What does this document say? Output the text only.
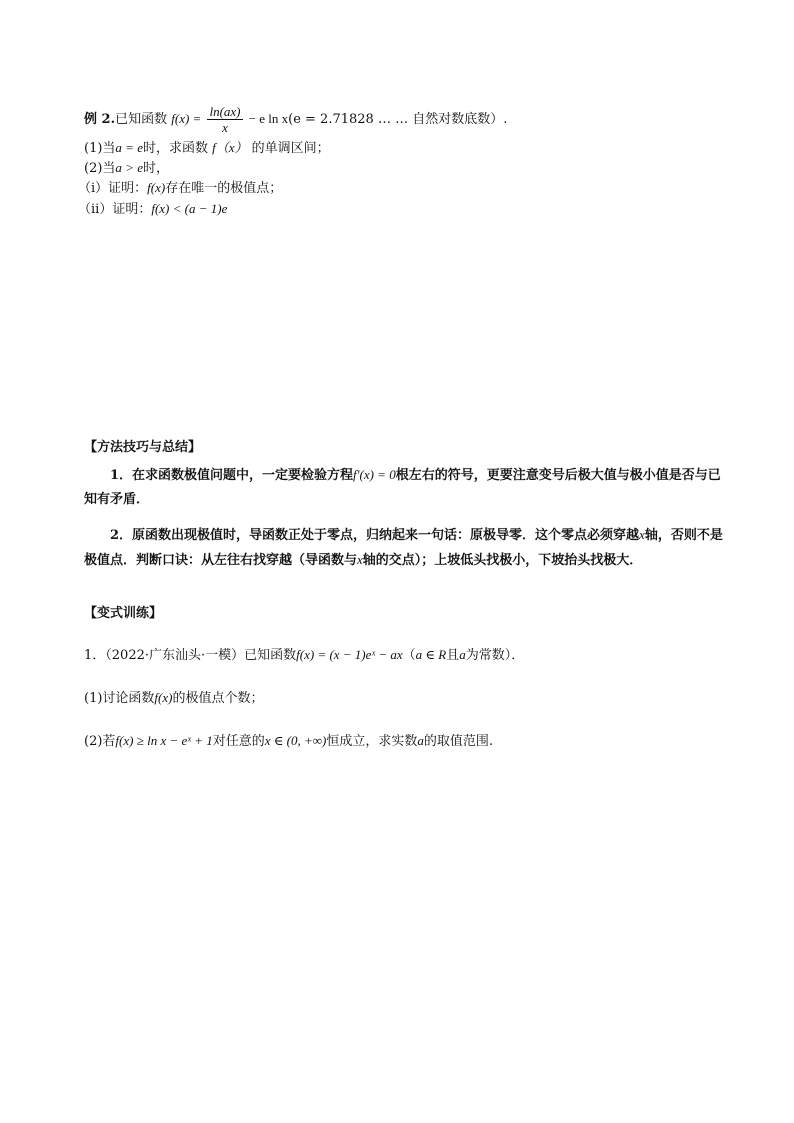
例 2.已知函数 $f(x) = \frac{\ln(ax)}{x} - e$ ln x(e = 2.71828 … … 自然对数底数）.
(1)当a = e时，求函数 f（x） 的单调区间；
(2)当a > e时，
（i）证明：f(x)存在唯一的极值点；
（ii）证明：f(x) < (a − 1)e
【方法技巧与总结】
1．在求函数极值问题中，一定要检验方程f′(x) = 0根左右的符号，更要注意变号后极大值与极小值是否与已知有矛盾．
2．原函数出现极值时，导函数正处于零点，归纳起来一句话：原极导零．这个零点必须穿越x轴，否则不是极值点．判断口诀：从左往右找穿越（导函数与x轴的交点）；上坡低头找极小，下坡抬头找极大．
【变式训练】
1．（2022·广东汕头·一模）已知函数f(x) = (x − 1)eˣ − ax（a ∈ R且a为常数）．
(1)讨论函数f(x)的极值点个数；
(2)若f(x) ≥ ln x − eˣ + 1对任意的x ∈ (0, +∞)恒成立，求实数a的取值范围.
